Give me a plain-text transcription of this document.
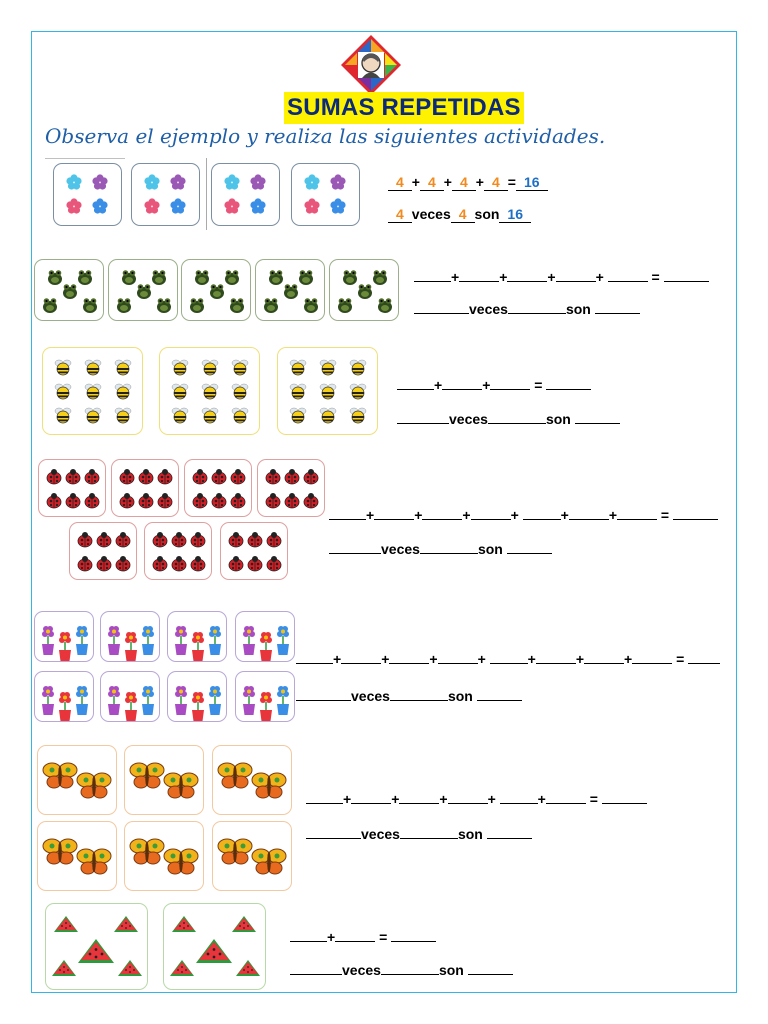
SUMAS REPETIDAS
Observa el ejemplo y realiza las siguientes actividades.
4 + 4 + 4 + 4 = 16
4 veces 4 son 16
+	+	+	+	=
veces	son
+	+	=
veces	son
+	+	+	+	+	+	=
veces	son
+	+	+	+	+	+	+	=
veces	son
+	+	+	+	+	=
veces	son
+	=
veces	son
